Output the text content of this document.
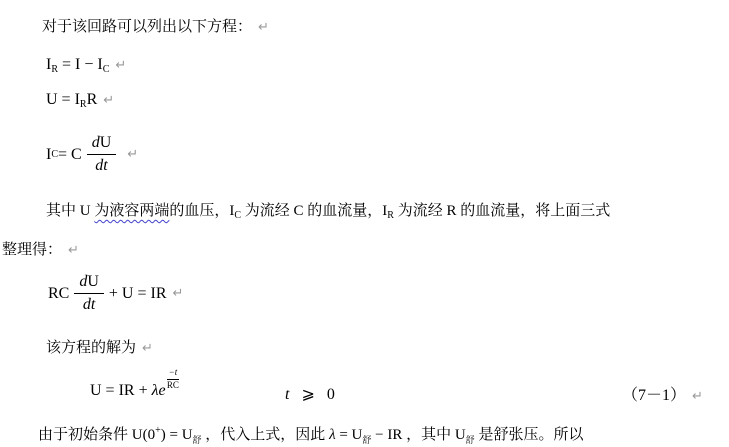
对于该回路可以列出以下方程： ↵
IR = I − IC ↵
U = IRR ↵
I C = C $\frac{dU}{dt}$ ↵
其中 U 为液容两端的血压，$I_C$ 为流经 C 的血流量，$I_R$ 为流经 R 的血流量，将上面三式
整理得： ↵
RC $\frac{dU}{dt} + U$ = IR ↵
该方程的解为 ↵
U = IR + λe $\frac{-t}{RC}$
t ⩾ 0	（7－1） ↵
由于初始条件 $U(0^+) = U_舒$ ，代入上式，因此 $\lambda = U_舒$ − IR ，其中 $U_舒$ 是舒张压。所以
